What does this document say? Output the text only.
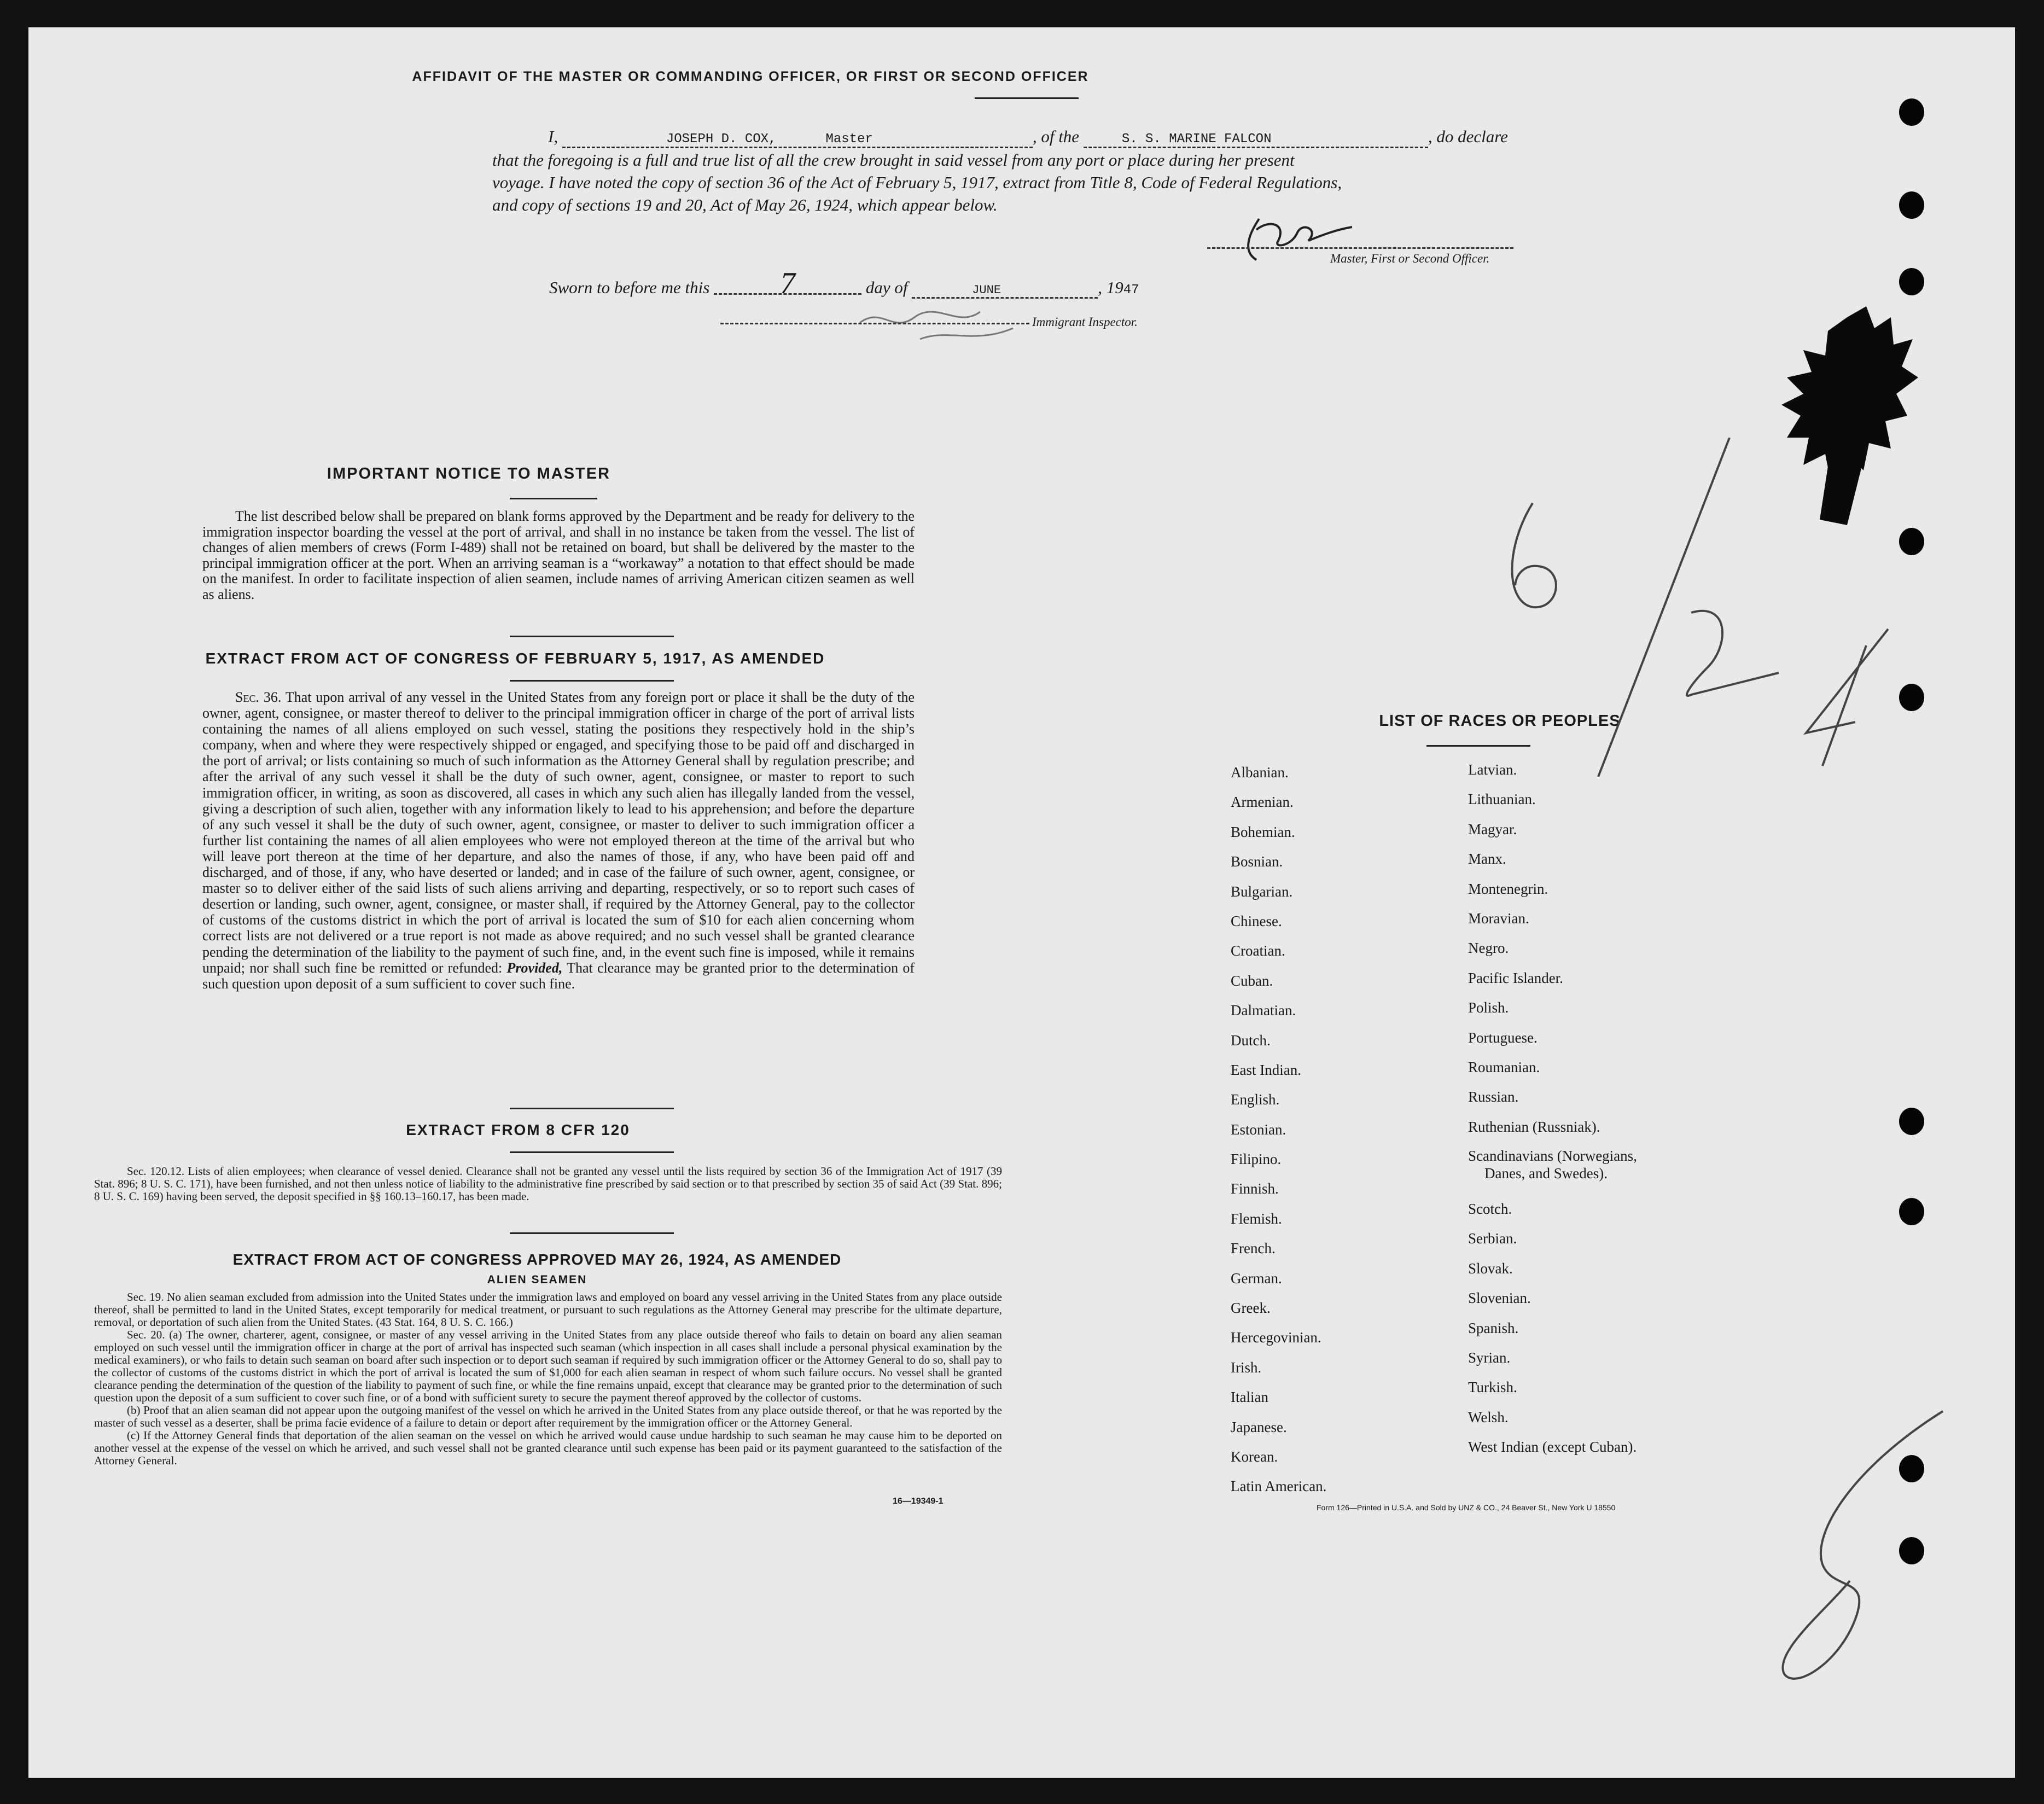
AFFIDAVIT OF THE MASTER OR COMMANDING OFFICER, OR FIRST OR SECOND OFFICER
I,	JOSEPH D. COX,	Master	, of the	S. S. MARINE FALCON	, do declare
that the foregoing is a full and true list of all the crew brought in said vessel from any port or place during her present
voyage. I have noted the copy of section 36 of the Act of February 5, 1917, extract from Title 8, Code of Federal Regulations,
and copy of sections 19 and 20, Act of May 26, 1924, which appear below.
Master, First or Second Officer.
Sworn to before me this 7	day of	JUNE	, 1947
Immigrant Inspector.
IMPORTANT NOTICE TO MASTER
The list described below shall be prepared on blank forms approved by the Department and be ready for delivery to the immigration inspector boarding the vessel at the port of arrival, and shall in no instance be taken from the vessel. The list of changes of alien members of crews (Form I-489) shall not be retained on board, but shall be delivered by the master to the principal immigration officer at the port. When an arriving seaman is a “workaway” a notation to that effect should be made on the manifest. In order to facilitate inspection of alien seamen, include names of arriving American citizen seamen as well as aliens.
EXTRACT FROM ACT OF CONGRESS OF FEBRUARY 5, 1917, AS AMENDED
Sec. 36. That upon arrival of any vessel in the United States from any foreign port or place it shall be the duty of the owner, agent, consignee, or master thereof to deliver to the principal immigration officer in charge of the port of arrival lists containing the names of all aliens employed on such vessel, stating the positions they respectively hold in the ship’s company, when and where they were respectively shipped or engaged, and specifying those to be paid off and discharged in the port of arrival; or lists containing so much of such information as the Attorney General shall by regulation prescribe; and after the arrival of any such vessel it shall be the duty of such owner, agent, consignee, or master to report to such immigration officer, in writing, as soon as discovered, all cases in which any such alien has illegally landed from the vessel, giving a description of such alien, together with any information likely to lead to his apprehension; and before the departure of any such vessel it shall be the duty of such owner, agent, consignee, or master to deliver to such immigration officer a further list containing the names of all alien employees who were not employed thereon at the time of the arrival but who will leave port thereon at the time of her departure, and also the names of those, if any, who have been paid off and discharged, and of those, if any, who have deserted or landed; and in case of the failure of such owner, agent, consignee, or master so to deliver either of the said lists of such aliens arriving and departing, respectively, or so to report such cases of desertion or landing, such owner, agent, consignee, or master shall, if required by the Attorney General, pay to the collector of customs of the customs district in which the port of arrival is located the sum of $10 for each alien concerning whom correct lists are not delivered or a true report is not made as above required; and no such vessel shall be granted clearance pending the determination of the liability to the payment of such fine, and, in the event such fine is imposed, while it remains unpaid; nor shall such fine be remitted or refunded: Provided, That clearance may be granted prior to the determination of such question upon deposit of a sum sufficient to cover such fine.
EXTRACT FROM 8 CFR 120
Sec. 120.12. Lists of alien employees; when clearance of vessel denied. Clearance shall not be granted any vessel until the lists required by section 36 of the Immigration Act of 1917 (39 Stat. 896; 8 U. S. C. 171), have been furnished, and not then unless notice of liability to the administrative fine prescribed by said section or to that prescribed by section 35 of said Act (39 Stat. 896; 8 U. S. C. 169) having been served, the deposit specified in §§ 160.13–160.17, has been made.
EXTRACT FROM ACT OF CONGRESS APPROVED MAY 26, 1924, AS AMENDED
ALIEN SEAMEN
Sec. 19. No alien seaman excluded from admission into the United States under the immigration laws and employed on board any vessel arriving in the United States from any place outside thereof, shall be permitted to land in the United States, except temporarily for medical treatment, or pursuant to such regulations as the Attorney General may prescribe for the ultimate departure, removal, or deportation of such alien from the United States. (43 Stat. 164, 8 U. S. C. 166.)
Sec. 20. (a) The owner, charterer, agent, consignee, or master of any vessel arriving in the United States from any place outside thereof who fails to detain on board any alien seaman employed on such vessel until the immigration officer in charge at the port of arrival has inspected such seaman (which inspection in all cases shall include a personal physical examination by the medical examiners), or who fails to detain such seaman on board after such inspection or to deport such seaman if required by such immigration officer or the Attorney General to do so, shall pay to the collector of customs of the customs district in which the port of arrival is located the sum of $1,000 for each alien seaman in respect of whom such failure occurs. No vessel shall be granted clearance pending the determination of the question of the liability to payment of such fine, or while the fine remains unpaid, except that clearance may be granted prior to the determination of such question upon the deposit of a sum sufficient to cover such fine, or of a bond with sufficient surety to secure the payment thereof approved by the collector of customs.
(b) Proof that an alien seaman did not appear upon the outgoing manifest of the vessel on which he arrived in the United States from any place outside thereof, or that he was reported by the master of such vessel as a deserter, shall be prima facie evidence of a failure to detain or deport after requirement by the immigration officer or the Attorney General.
(c) If the Attorney General finds that deportation of the alien seaman on the vessel on which he arrived would cause undue hardship to such seaman he may cause him to be deported on another vessel at the expense of the vessel on which he arrived, and such vessel shall not be granted clearance until such expense has been paid or its payment guaranteed to the satisfaction of the Attorney General.
16—19349-1
LIST OF RACES OR PEOPLES
Albanian.
Armenian.
Bohemian.
Bosnian.
Bulgarian.
Chinese.
Croatian.
Cuban.
Dalmatian.
Dutch.
East Indian.
English.
Estonian.
Filipino.
Finnish.
Flemish.
French.
German.
Greek.
Hercegovinian.
Irish.
Italian
Japanese.
Korean.
Latin American.
Latvian.
Lithuanian.
Magyar.
Manx.
Montenegrin.
Moravian.
Negro.
Pacific Islander.
Polish.
Portuguese.
Roumanian.
Russian.
Ruthenian (Russniak).
Scandinavians (Norwegians,
Danes, and Swedes).
Scotch.
Serbian.
Slovak.
Slovenian.
Spanish.
Syrian.
Turkish.
Welsh.
West Indian (except Cuban).
Form 126—Printed in U.S.A. and Sold by UNZ & CO., 24 Beaver St., New York U 18550
